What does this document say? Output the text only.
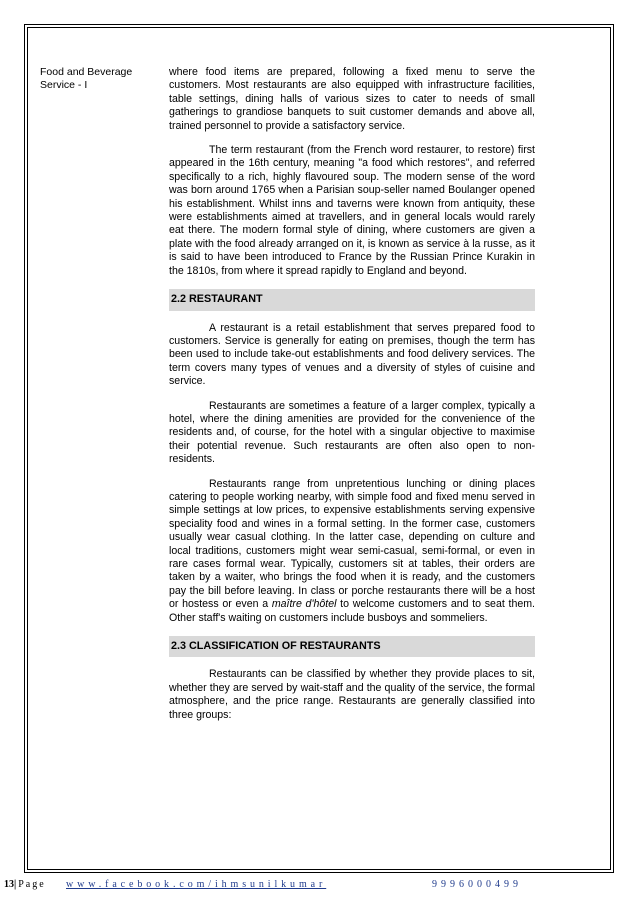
Food and Beverage
Service - I

where food items are prepared, following a fixed menu to serve the customers. Most restaurants are also equipped with infrastructure facilities, table settings, dining halls of various sizes to cater to needs of small gatherings to grandiose banquets to suit customer demands and above all, trained personnel to provide a satisfactory service.

The term restaurant (from the French word restaurer, to restore) first appeared in the 16th century, meaning "a food which restores", and referred specifically to a rich, highly flavoured soup. The modern sense of the word was born around 1765 when a Parisian soup-seller named Boulanger opened his establishment. Whilst inns and taverns were known from antiquity, these were establishments aimed at travellers, and in general locals would rarely eat there. The modern formal style of dining, where customers are given a plate with the food already arranged on it, is known as service à la russe, as it is said to have been introduced to France by the Russian Prince Kurakin in the 1810s, from where it spread rapidly to England and beyond.

2.2 RESTAURANT

A restaurant is a retail establishment that serves prepared food to customers. Service is generally for eating on premises, though the term has been used to include take-out establishments and food delivery services. The term covers many types of venues and a diversity of styles of cuisine and service.

Restaurants are sometimes a feature of a larger complex, typically a hotel, where the dining amenities are provided for the convenience of the residents and, of course, for the hotel with a singular objective to maximise their potential revenue. Such restaurants are often also open to non-residents.

Restaurants range from unpretentious lunching or dining places catering to people working nearby, with simple food and fixed menu served in simple settings at low prices, to expensive establishments serving expensive speciality food and wines in a formal setting. In the former case, customers usually wear casual clothing. In the latter case, depending on culture and local traditions, customers might wear semi-casual, semi-formal, or even in rare cases formal wear. Typically, customers sit at tables, their orders are taken by a waiter, who brings the food when it is ready, and the customers pay the bill before leaving. In class or porche restaurants there will be a host or hostess or even a maître d'hôtel to welcome customers and to seat them. Other staff's waiting on customers include busboys and sommeliers.

2.3 CLASSIFICATION OF RESTAURANTS

Restaurants can be classified by whether they provide places to sit, whether they are served by wait-staff and the quality of the service, the formal atmosphere, and the price range. Restaurants are generally classified into three groups:

13|Page www.facebook.com/ihmsunilkumar	9996000499
